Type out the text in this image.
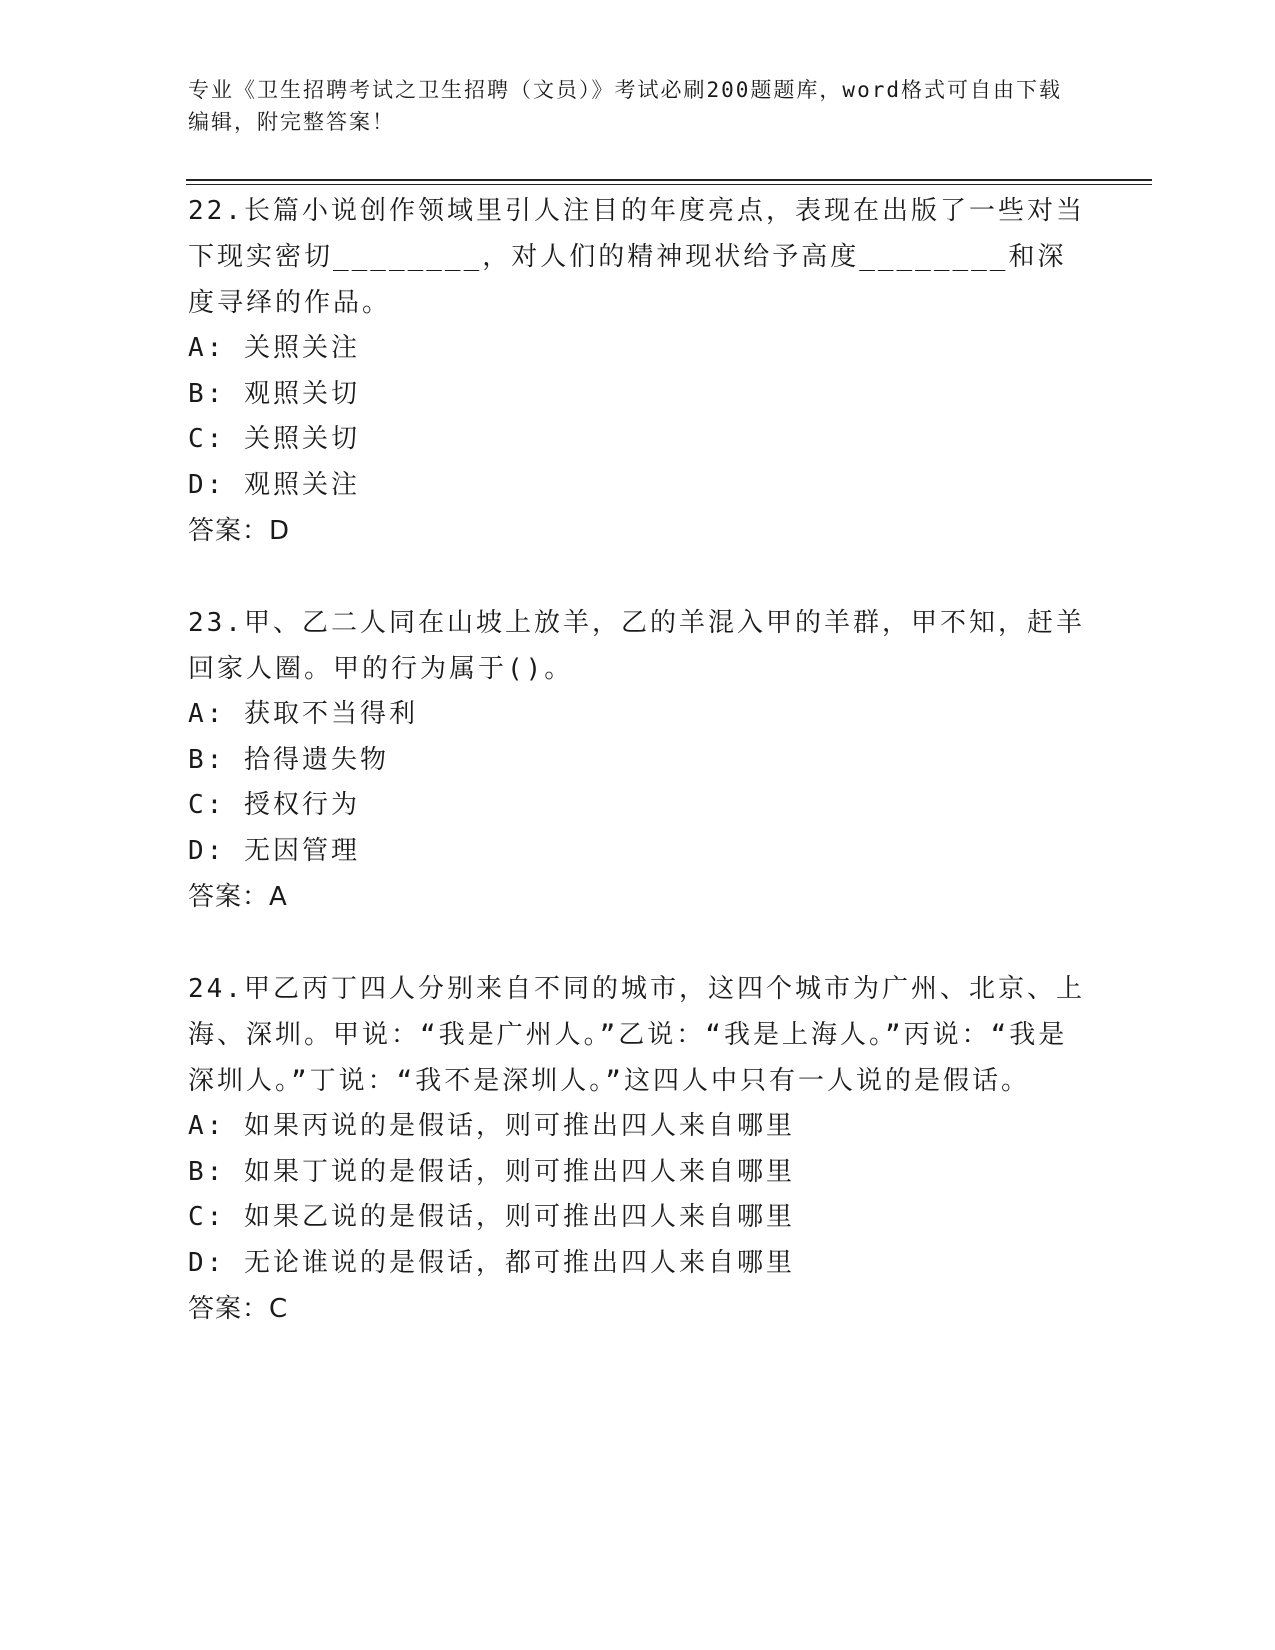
专业《卫生招聘考试之卫生招聘（文员）》考试必刷200题题库，word格式可自由下载编辑，附完整答案！

22.长篇小说创作领域里引人注目的年度亮点，表现在出版了一些对当下现实密切________，对人们的精神现状给予高度________和深度寻绎的作品。

A: 关照关注

B: 观照关切

C: 关照关切

D: 观照关注

答案：D

23.甲、乙二人同在山坡上放羊，乙的羊混入甲的羊群，甲不知，赶羊回家人圈。甲的行为属于()。

A: 获取不当得利

B: 拾得遗失物

C: 授权行为

D: 无因管理

答案：A

24.甲乙丙丁四人分别来自不同的城市，这四个城市为广州、北京、上海、深圳。甲说：“我是广州人。”乙说：“我是上海人。”丙说：“我是深圳人。”丁说：“我不是深圳人。”这四人中只有一人说的是假话。

A: 如果丙说的是假话，则可推出四人来自哪里

B: 如果丁说的是假话，则可推出四人来自哪里

C: 如果乙说的是假话，则可推出四人来自哪里

D: 无论谁说的是假话，都可推出四人来自哪里

答案：C
